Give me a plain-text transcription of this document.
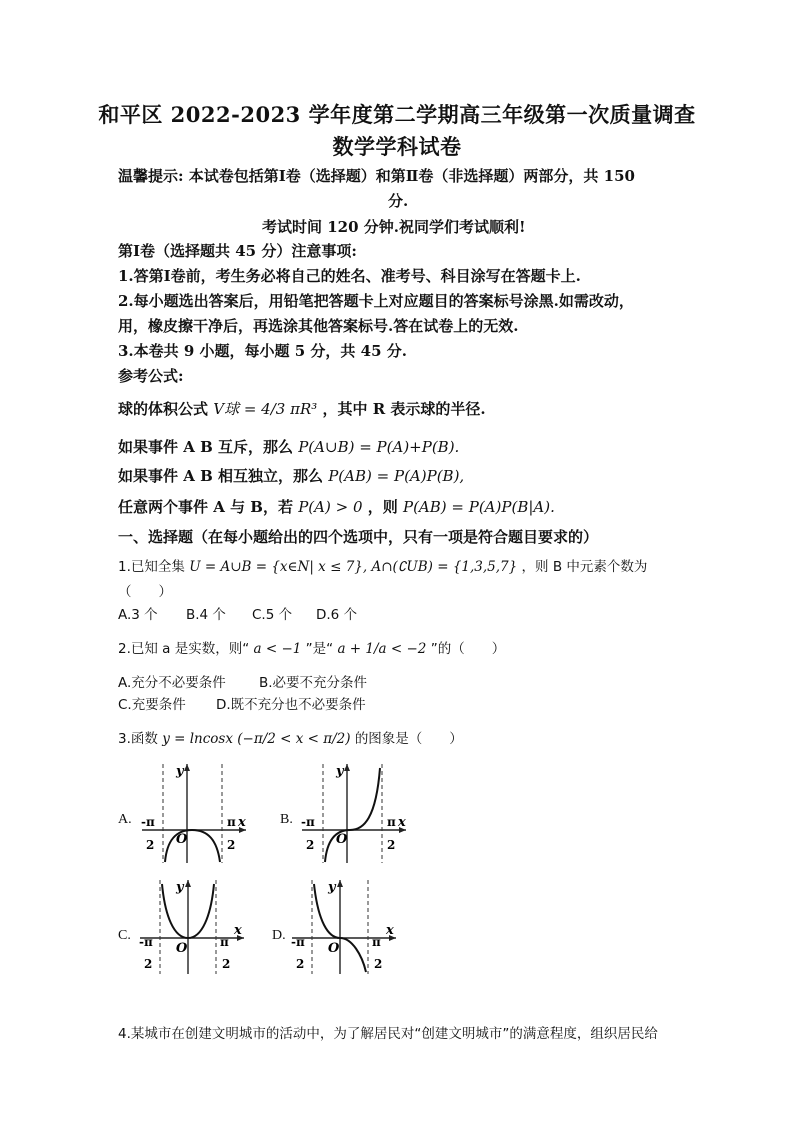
和平区 2022-2023 学年度第二学期高三年级第一次质量调查
数学学科试卷
温馨提示: 本试卷包括第Ⅰ卷（选择题）和第Ⅱ卷（非选择题）两部分，共 150
分.
考试时间 120 分钟.祝同学们考试顺利!
第Ⅰ卷（选择题共 45 分）注意事项:
1.答第Ⅰ卷前，考生务必将自己的姓名、准考号、科目涂写在答题卡上.
2.每小题选出答案后，用铅笔把答题卡上对应题目的答案标号涂黑.如需改动，
用，橡皮擦干净后，再选涂其他答案标号.答在试卷上的无效.
3.本卷共 9 小题，每小题 5 分，共 45 分.
参考公式:
球的体积公式 V球 = 4/3 πR³ ，其中 R 表示球的半径.
如果事件 A B 互斥，那么 P(A∪B) = P(A)+P(B).
如果事件 A B 相互独立，那么 P(AB) = P(A)P(B),
任意两个事件 A 与 B，若 P(A) > 0 ，则 P(AB) = P(A)P(B|A).
一、选择题（在每小题给出的四个选项中，只有一项是符合题目要求的）
1.已知全集 U = A∪B = {x∈N| x ≤ 7}, A∩(∁UB) = {1,3,5,7} ，则 B 中元素个数为
（　　）
A.3 个 B.4 个 C.5 个 D.6 个
2.已知 a 是实数，则“ a < −1 ”是“ a + 1/a < −2 ”的（　　）
A.充分不必要条件 B.必要不充分条件
C.充要条件 D.既不充分也不必要条件
3.函数 y = lncosx (−π/2 < x < π/2) 的图象是（　　）
A.
y
x
O
-π
2
π
2
B.
y
x
O
-π
2
π
2
C.
y
x
O
-π
2
π
2
D.
y
x
O
-π
2
π
2
4.某城市在创建文明城市的活动中，为了解居民对“创建文明城市”的满意程度，组织居民给
